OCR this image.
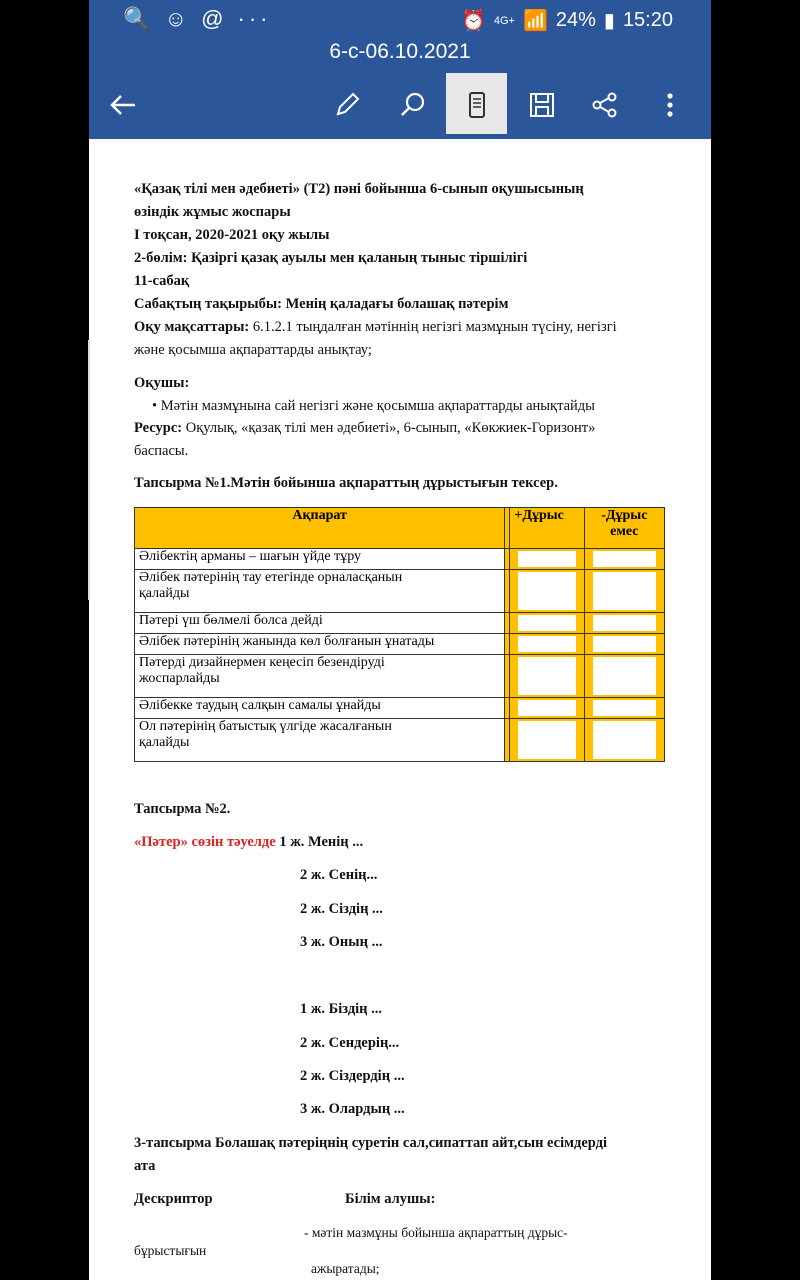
🔍 ☺ @ ···	⏰ 4G+ 📶 24% ▮ 15:20
6-с-06.10.2021
«Қазақ тілі мен әдебиеті» (Т2) пәні бойынша 6-сынып оқушысының
өзіндік жұмыс жоспары
І тоқсан, 2020-2021 оқу жылы
2-бөлім: Қазіргі қазақ ауылы мен қаланың тыныс тіршілігі
11-сабақ
Сабақтың тақырыбы: Менің қаладағы болашақ пәтерім
Оқу мақсаттары: 6.1.2.1 тыңдалған мәтіннің негізгі мазмұнын түсіну, негізгі
және қосымша ақпараттарды анықтау;
Оқушы:
• Мәтін мазмұнына сай негізгі және қосымша ақпараттарды анықтайды
Ресурс: Оқулық, «қазақ тілі мен әдебиеті», 6-сынып, «Көкжиек-Горизонт»
баспасы.
Тапсырма №1.Мәтін бойынша ақпараттың дұрыстығын тексер.
Ақпарат		+Дұрыс	-Дұрыс
емес
Әлібектің арманы – шағын үйде тұру		

Әлібек пәтерінің тау етегінде орналасқанын
қалайды		

Пәтері үш бөлмелі болса дейді		

Әлібек пәтерінің жанында көл болғанын ұнатады		

Пәтерді дизайнермен кеңесіп безендіруді
жоспарлайды		

Әлібекке таудың салқын самалы ұнайды		

Ол пәтерінің батыстық үлгіде жасалғанын
қалайды		

Тапсырма №2.
«Пәтер» сөзін тәуелде 1 ж. Менің ...
2 ж. Сенің...
2 ж. Сіздің ...
3 ж. Оның ...
1 ж. Біздің ...
2 ж. Сендерің...
2 ж. Сіздердің ...
3 ж. Олардың ...
3-тапсырма Болашақ пәтеріңнің суретін сал,сипаттап айт,сын есімдерді
ата
Дескриптор	Білім алушы:
- мәтін мазмұны бойынша ақпараттың дұрыс-
бұрыстығын
ажыратады;
